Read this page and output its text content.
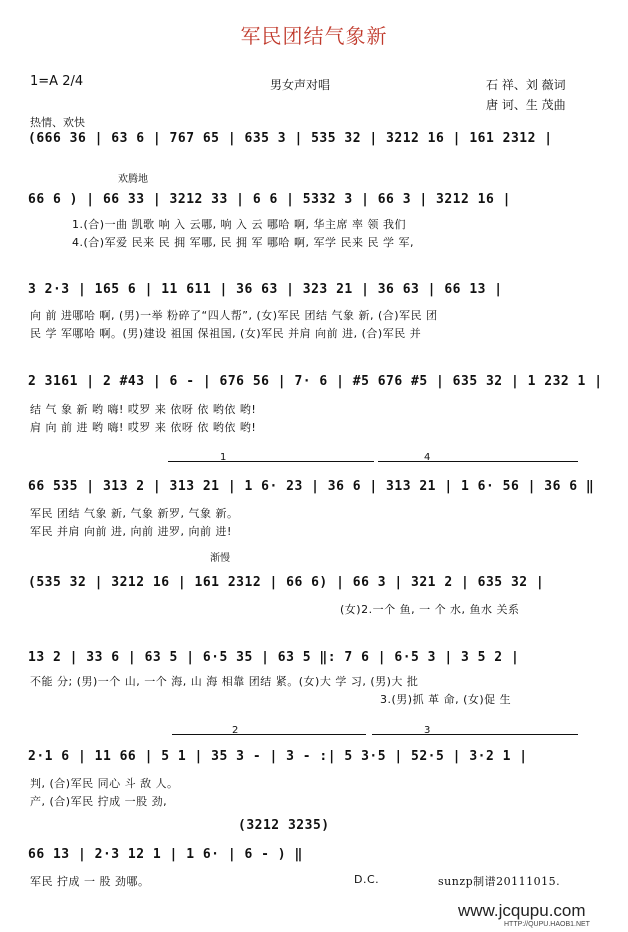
军民团结气象新
1=A 2/4	男女声对唱	石 祥、刘 薇词
唐 诃、生 茂曲
热情、欢快
(666 36 | 63 6 | 767 65 | 635 3 | 535 32 | 3212 16 | 161 2312 |
欢腾地
66 6 ) | 66 33 | 3212 33 | 6 6 | 5332 3 | 66 3 | 3212 16 |
1.(合)一曲 凯歌 响 入 云哪, 响 入 云 哪哈 啊, 华主席 率 领 我们
4.(合)军爱 民来 民 拥 军哪, 民 拥 军 哪哈 啊, 军学 民来 民 学 军,
3 2·3 | 165 6 | 11 611 | 36 63 | 323 21 | 36 63 | 66 13 |
向 前 进哪哈 啊, (男)一举 粉碎了“四人帮”, (女)军民 团结 气象 新, (合)军民 团
民 学 军哪哈 啊。(男)建设 祖国 保祖国, (女)军民 并肩 向前 进, (合)军民 并
2 3161 | 2 #43 | 6 - | 676 56 | 7· 6 | #5 676 #5 | 635 32 | 1 232 1 |
结 气 象 新 哟 嗨! 哎罗 来 依呀 依 哟依 哟!
肩 向 前 进 哟 嗨! 哎罗 来 依呀 依 哟依 哟!
1	4
66 535 | 313 2 | 313 21 | 1 6· 23 | 36 6 | 313 21 | 1 6· 56 | 36 6 ‖
军民 团结 气象 新, 气象 新罗, 气象 新。
军民 并肩 向前 进, 向前 进罗, 向前 进!
渐慢
(535 32 | 3212 16 | 161 2312 | 66 6) | 66 3 | 321 2 | 635 32 |
(女)2.一个 鱼, 一 个 水, 鱼水 关系
13 2 | 33 6 | 63 5 | 6·5 35 | 63 5 ‖: 7 6 | 6·5 3 | 3 5 2 |
不能 分; (男)一个 山, 一个 海, 山 海 相靠 团结 紧。(女)大 学 习, (男)大 批
3.(男)抓 革 命, (女)促 生
2	3
2·1 6 | 11 66 | 5 1 | 35 3 - | 3 - :| 5 3·5 | 52·5 | 3·2 1 |
判, (合)军民 同心 斗 敌 人。
产, (合)军民 拧成 一股 劲,
(3212 3235)
66 13 | 2·3 12 1 | 1 6· | 6 - ) ‖
军民 拧成 一 股 劲哪。	D.C.	sunzp制谱20111015.
www.jcqupu.com
HTTP://QUPU.HAOB1.NET
